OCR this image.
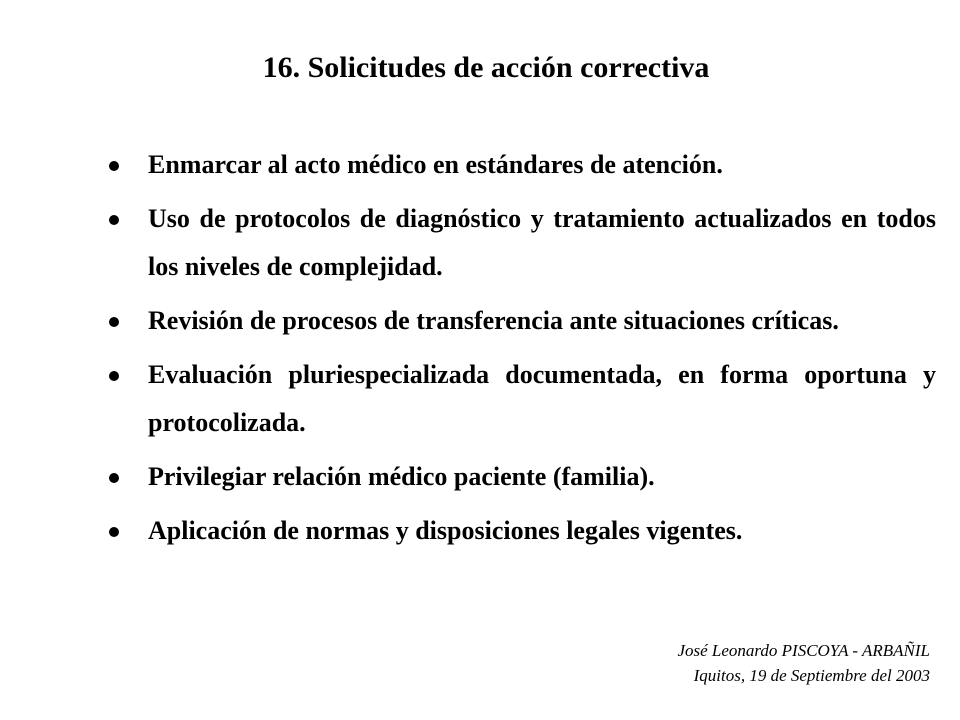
16. Solicitudes de acción correctiva
Enmarcar al acto médico en estándares de atención.
Uso de protocolos de diagnóstico y tratamiento actualizados en todos los niveles de complejidad.
Revisión de procesos de transferencia ante situaciones críticas.
Evaluación pluriespecializada documentada, en forma oportuna y protocolizada.
Privilegiar relación médico paciente (familia).
Aplicación de normas y disposiciones legales vigentes.
José Leonardo PISCOYA - ARBAÑIL
Iquitos, 19 de Septiembre del 2003
